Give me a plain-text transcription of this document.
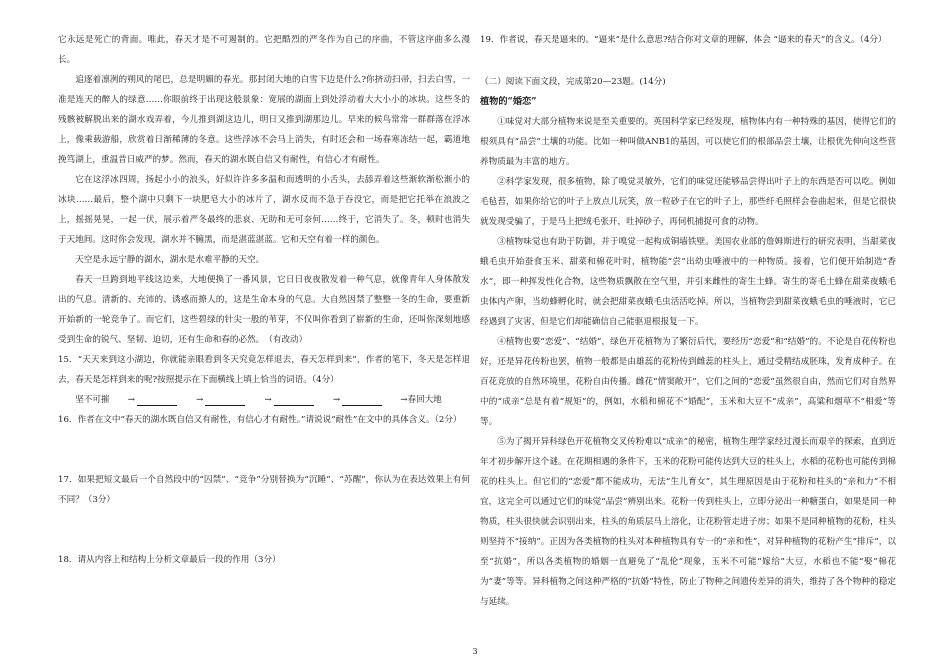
它永远是死亡的背面。唯此，春天才是不可遏制的。它把酷烈的严冬作为自己的序曲，不管这序曲多么漫长。

追逐着凛冽的朔风的尾巴，总是明媚的春光。那封闭大地的白雪下边是什么?你挤动扫帚，扫去白雪，一准是连天的醉人的绿意……你眼前终于出现这般景象：宽展的湖面上到处浮动着大大小小的冰块。这些冬的残骸被解脱出来的湖水戏弄着，今儿推到湖这边儿，明日又推到湖那边儿。早来的候鸟常常一群群落在浮冰上，像乘载游船，欣赏着日渐稀薄的冬意。这些浮冰不会马上消失，有时还会和一场春寒冻结一起，霸道地挽笃湖上，重温昔日威严的梦。然而，春天的湖水既自信又有耐性，有信心才有耐性。

它在这浮冰四周，扬起小小的浪头，好似许许多多温和而透明的小舌头，去舔弄着这些渐软渐松渐小的冰块……最后，整个湖中只剩下一块肥皂大小的冰片了，湖水反而不急于吞没它，而是把它托举在浪波之上，摇摇晃晃，一起一伏，展示着严冬最终的悲哀、无助和无可奈何……终于，它消失了。冬，顿时也消失于天地间。这时你会发现，湖水并不臃黑，而是湛蓝湛蓝。它和天空有着一样的颜色。

天空是永远宁静的湖水，湖水是水难平静的天空。

春天一旦跨到地平线这边来，大地便换了一番风景，它日日夜夜散发着一种气息，就像青年人身体散发出的气息。清新的、充沛的、诱惑而撩人的，这是生命本身的气息。大自然因禁了整整一冬的生命，要重新开始新的一轮竞争了。而它们，这些碧绿的针尖一般的苇芽，不仅叫你看到了崭新的生命，还叫你深刻地感受到生命的锐气、坚韧、迫切，还有生命和春的必然。　（有改动）

15．“天天来到这小湖边，你就能亲眼看到冬天究竟怎样退去，春天怎样到来”，作者的笔下，冬天是怎样退去，春天是怎样到来的呢?按照提示在下面横线上填上恰当的词语。（4分）

坚不可摧	→	→	→	→	→春回大地

16．作者在文中“春天的湖水既自信又有耐性，有信心才有耐性。”请说说“耐性”在文中的具体含义。（2分）

17．如果把短文最后一个自然段中的“囚禁”、“竞争”分别替换为“沉睡”、“苏醒”，你认为在表达效果上有何不同？（3分）

18．请从内容上和结构上分析文章最后一段的作用（3分）

19．作者说，春天是逼来的。“逼来”是什么意思?结合你对文章的理解，体会 “逼来的春天”的含义。（4分）

（二）阅读下面文段，完成第20—23题。(14分)

植物的“婚恋”

①味觉对大部分植物来说是至关重要的。英国科学家已经发现，植物体内有一种特殊的基因，使得它们的根须具有“品尝”土壤的功能。比如一种叫做ANB1的基因，可以使它们的根部品尝土壤，让根优先伸向这些营养物质最为丰富的地方。

②科学家发现，很多植物，除了嗅觉灵敏外，它们的味觉还能够品尝得出叶子上的东西是否可以吃。例如毛毡苔，如果你给它的叶子上放点儿玩笑，放一粒砂子在它的叶子上，那些纤毛照样会卷曲起来，但是它很快就发现受骗了，于是马上把绒毛张开，吐掉砂子，再伺机捕捉可食的动物。

③植物味觉也有助于防御，并于嗅觉一起构成铜墙铁壁。美国农业部的詹姆斯进行的研究表明，当甜菜夜蛾毛虫开始蚕食玉米、甜菜和棉花叶时，植物能“尝”出幼虫唾液中的一种物质。接着，它们便开始制造“香水”，即一种挥发性化合物，这些物质飘散在空气里，并引来雌性的寄生土蜂。寄生的寄毛土蜂在甜菜夜蛾毛虫体内产卵，当幼蜂孵化时，就会把甜菜夜蛾毛虫活活吃掉。所以，当植物尝到甜菜夜蛾毛虫的唾液时，它已经遇到了灾害，但是它们却能确信自己能驱退根报复一下。

④植物也要“恋爱”、“结婚”，绿色开花植物为了繁衍后代，要经历“恋爱”和“结婚”的。不论是自花传粉也好，还是异花传粉也罢，植物一般都是由雄蕊的花粉传到雌蕊的柱头上，通过受精结成胚珠，发育成种子。在百花竞放的自然环境里，花粉自由传播。雌花“情窦敞开”，它们之间的“恋爱”虽然很自由，然而它们对自然界中的“成亲”总是有着“规矩”的，例如，水稻和棉花不“婚配”，玉米和大豆不“成亲”，高粱和烟草不“相爱”等等。

⑤为了揭开异科绿色开花植物交叉传粉难以“成亲”的秘密，植物生理学家经过漫长而艰辛的探索，直到近年才初步解开这个谜。在花期相遇的条件下，玉米的花粉可能传达到大豆的柱头上，水稻的花粉也可能传到棉花的柱头上。但它们的“恋爱”都不能成功，无法“生儿育女”，其生理原因是由于花粉和柱头的“亲和力”不相宜，这完全可以通过它们的味觉“品尝”辨别出来。花粉一传到柱头上，立即分泌出一种糖蛋白，如果是同一种物质，柱头很快就会识别出来，柱头的角质层马上溶化，让花粉管走进子房；如果不是同种植物的花粉，柱头则坚持不“接纳”。正因为各类植物的柱头对本种植物具有专一的“亲和性”，对异种植物的花粉产生“排斥”，以至“抗婚”，所以各类植物的婚姻一直避免了“乱伦”现象，玉米不可能“嫁给”大豆，水稻也不能“娶”棉花为“妻”等等。异科植物之间这种严格的“抗婚”特性，防止了物种之间遗传差异的消失，维持了各个物种的稳定与延续。

3
